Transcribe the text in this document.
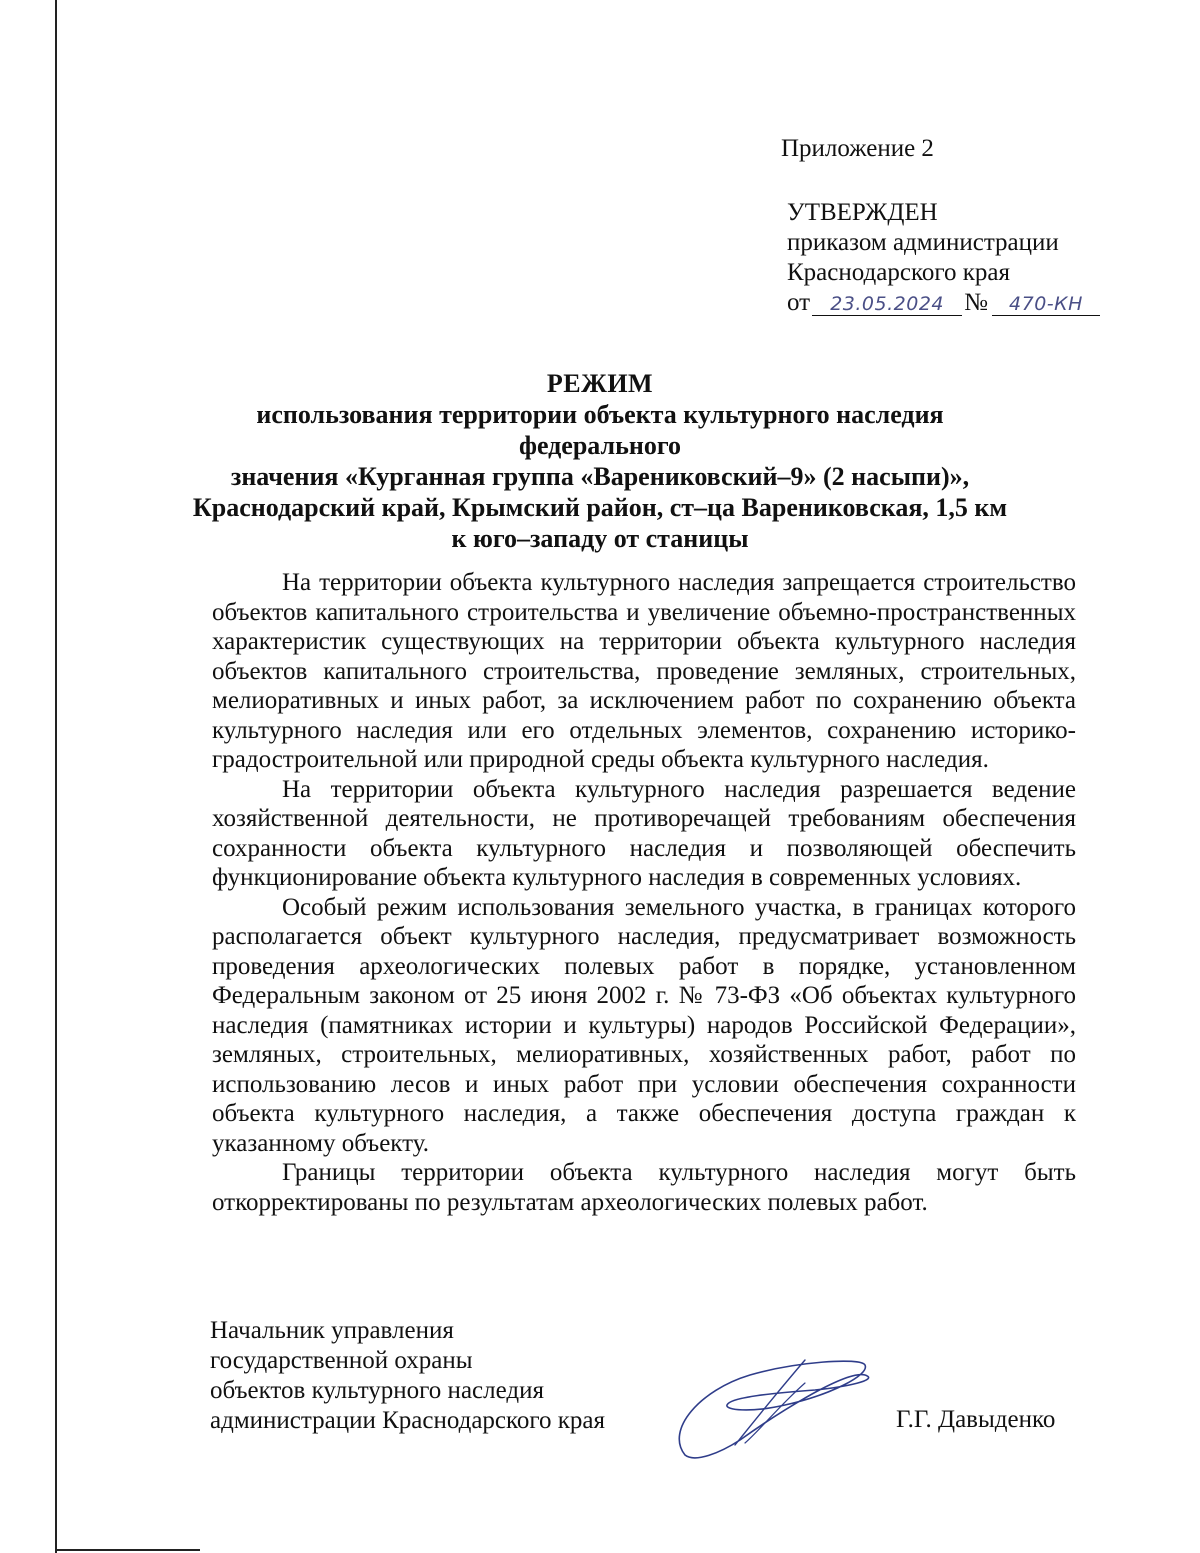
Приложение 2
УТВЕРЖДЕН
приказом администрации
Краснодарского края
от 23.05.2024 № 470-КН
РЕЖИМ
использования территории объекта культурного наследия федерального
значения «Курганная группа «Варениковский–9» (2 насыпи)»,
Краснодарский край, Крымский район, ст–ца Варениковская, 1,5 км
к юго–западу от станицы

На территории объекта культурного наследия запрещается строительство объектов капитального строительства и увеличение объемно-пространственных характеристик существующих на территории объекта культурного наследия объектов капитального строительства, проведение земляных, строительных, мелиоративных и иных работ, за исключением работ по сохранению объекта культурного наследия или его отдельных элементов, сохранению историко-градостроительной или природной среды объекта культурного наследия.

На территории объекта культурного наследия разрешается ведение хозяйственной деятельности, не противоречащей требованиям обеспечения сохранности объекта культурного наследия и позволяющей обеспечить функционирование объекта культурного наследия в современных условиях.

Особый режим использования земельного участка, в границах которого располагается объект культурного наследия, предусматривает возможность проведения археологических полевых работ в порядке, установленном Федеральным законом от 25 июня 2002 г. № 73-ФЗ «Об объектах культурного наследия (памятниках истории и культуры) народов Российской Федерации», земляных, строительных, мелиоративных, хозяйственных работ, работ по использованию лесов и иных работ при условии обеспечения сохранности объекта культурного наследия, а также обеспечения доступа граждан к указанному объекту.

Границы территории объекта культурного наследия могут быть откорректированы по результатам археологических полевых работ.

Начальник управления
государственной охраны
объектов культурного наследия
администрации Краснодарского края	Г.Г. Давыденко
